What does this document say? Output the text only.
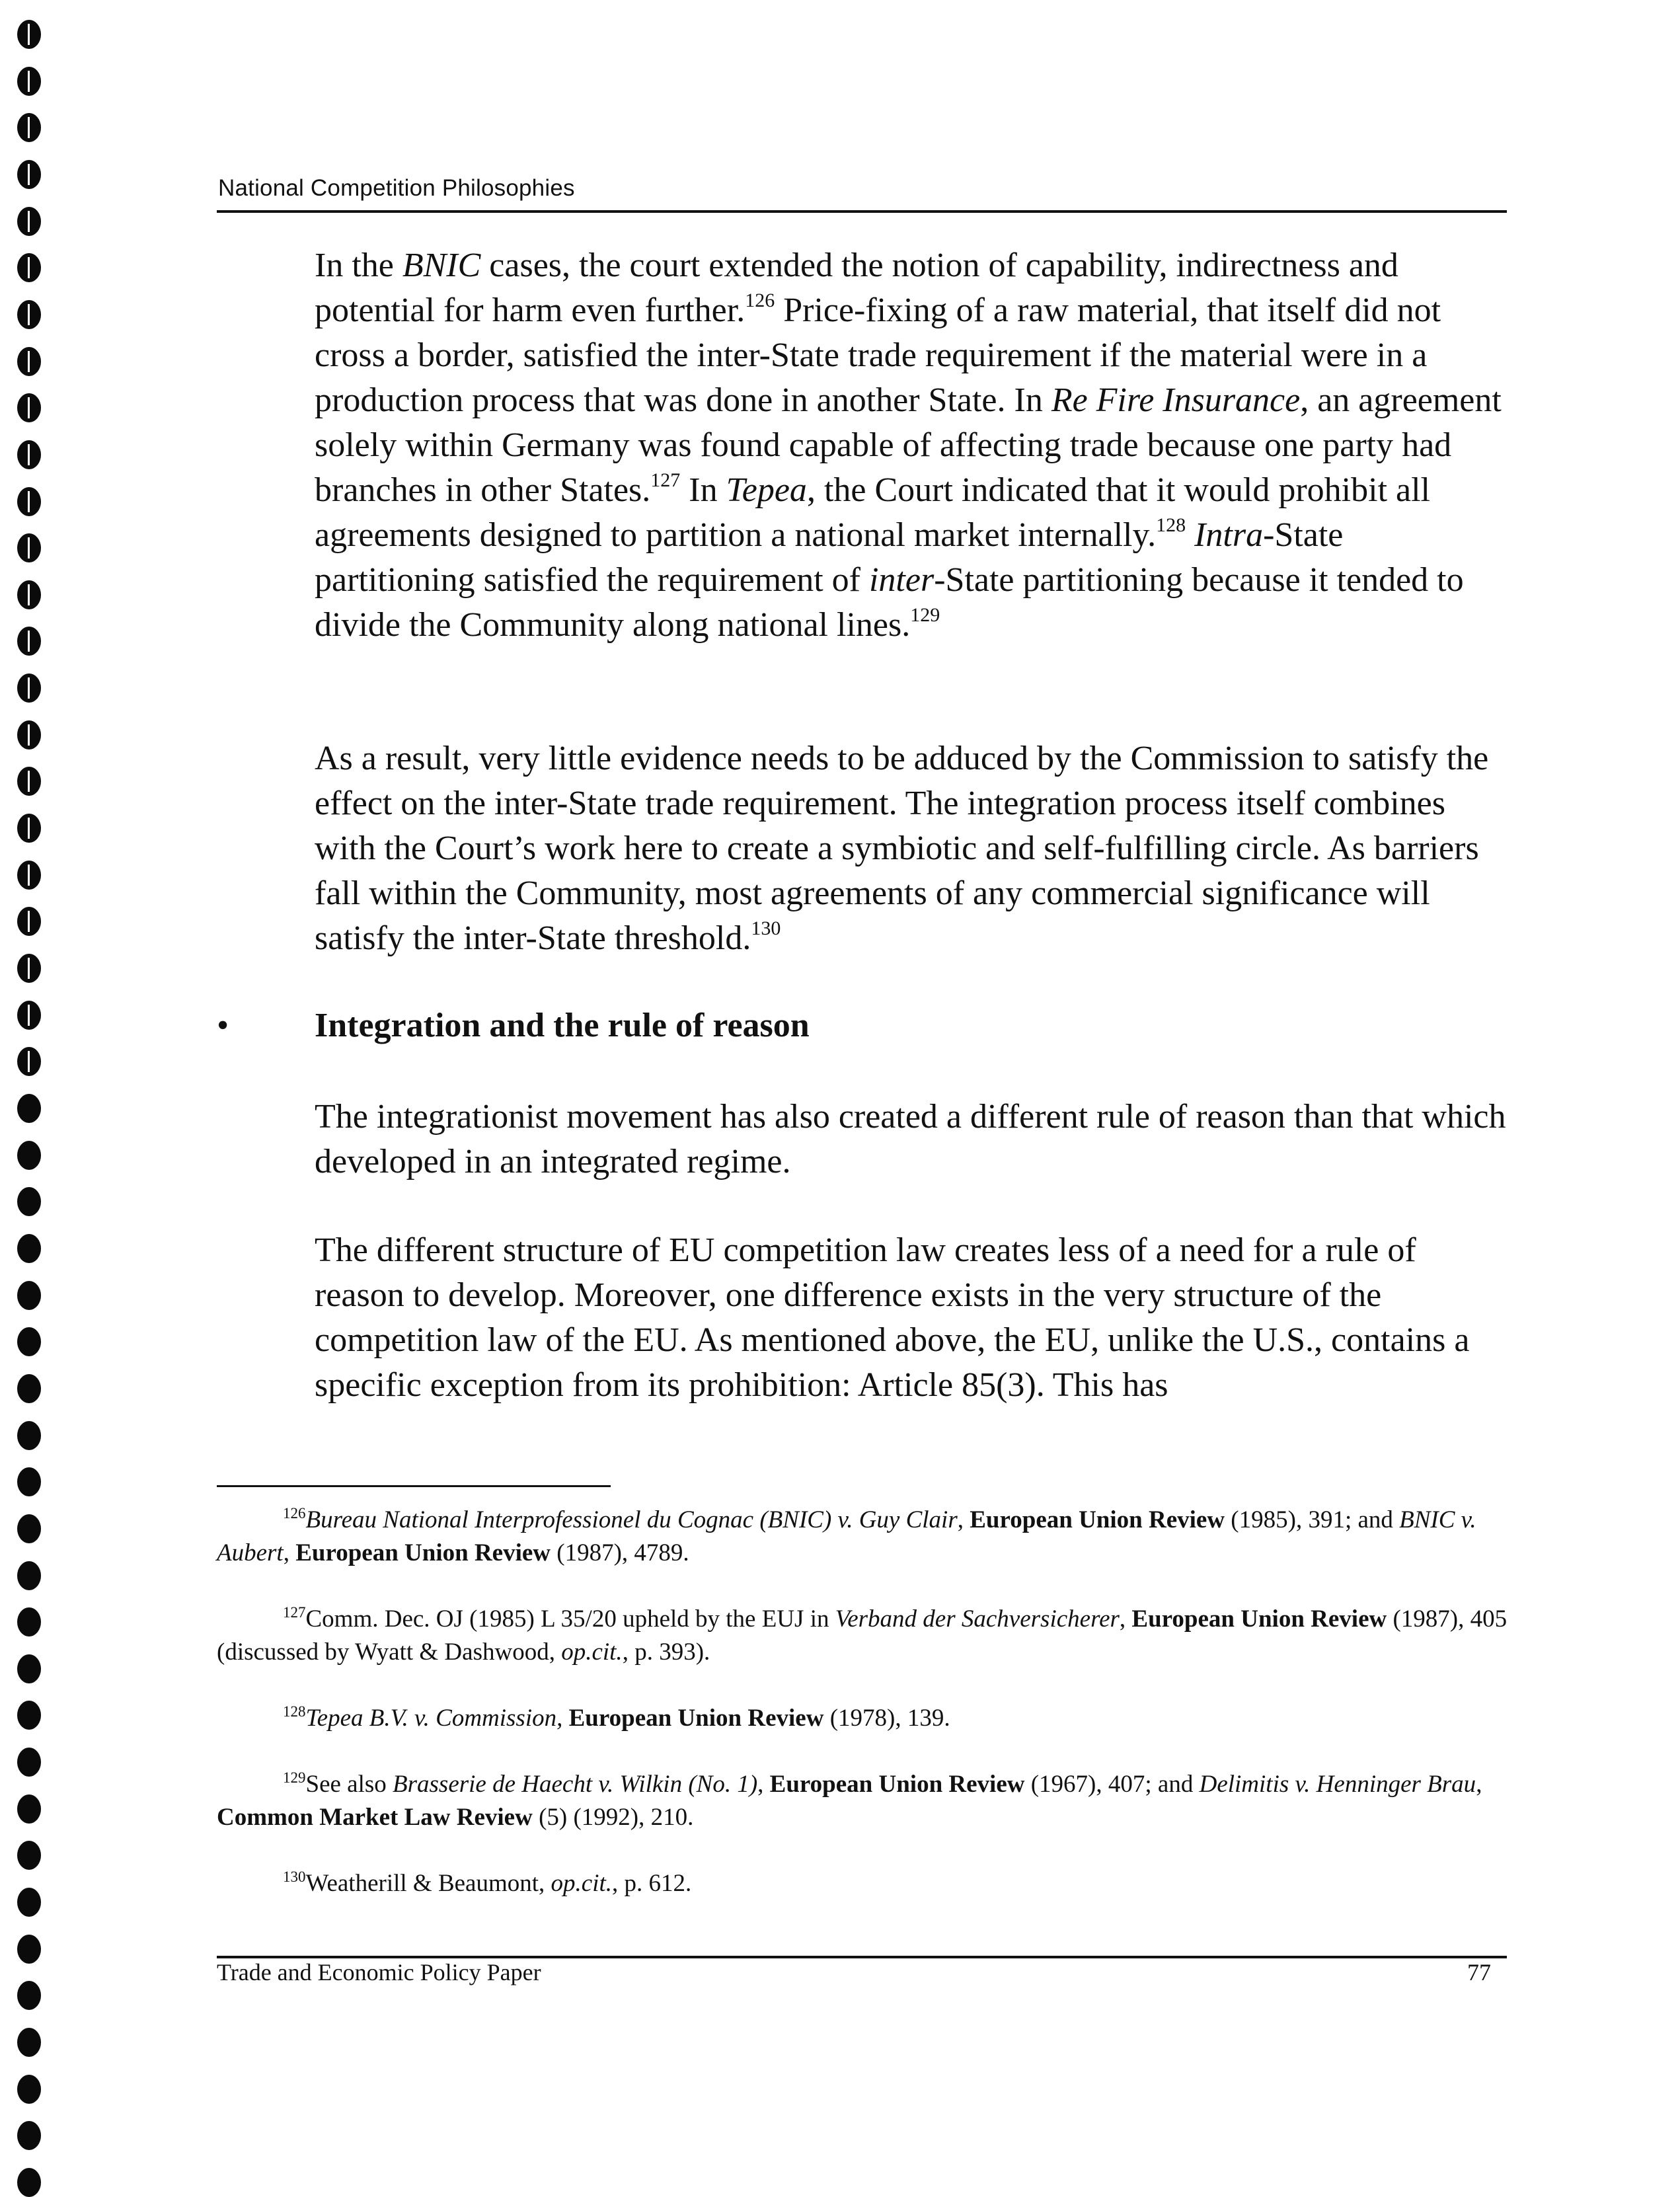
National Competition Philosophies

In the BNIC cases, the court extended the notion of capability, indirectness and potential for harm even further.$^{126}$ Price-fixing of a raw material, that itself did not cross a border, satisfied the inter-State trade requirement if the material were in a production process that was done in another State. In Re Fire Insurance, an agreement solely within Germany was found capable of affecting trade because one party had branches in other States.$^{127}$ In Tepea, the Court indicated that it would prohibit all agreements designed to partition a national market internally.$^{128}$ Intra-State partitioning satisfied the requirement of inter-State partitioning because it tended to divide the Community along national lines.$^{129}$

As a result, very little evidence needs to be adduced by the Commission to satisfy the effect on the inter-State trade requirement. The integration process itself combines with the Court’s work here to create a symbiotic and self-fulfilling circle. As barriers fall within the Community, most agreements of any commercial significance will satisfy the inter-State threshold.$^{130}$

• Integration and the rule of reason

The integrationist movement has also created a different rule of reason than that which developed in an integrated regime.

The different structure of EU competition law creates less of a need for a rule of reason to develop. Moreover, one difference exists in the very structure of the competition law of the EU. As mentioned above, the EU, unlike the U.S., contains a specific exception from its prohibition: Article 85(3). This has

$^{126}$Bureau National Interprofessionel du Cognac (BNIC) v. Guy Clair, European Union Review (1985), 391; and BNIC v. Aubert, European Union Review (1987), 4789.

$^{127}$Comm. Dec. OJ (1985) L 35/20 upheld by the EUJ in Verband der Sachversicherer, European Union Review (1987), 405 (discussed by Wyatt & Dashwood, op.cit., p. 393).

$^{128}$Tepea B.V. v. Commission, European Union Review (1978), 139.

$^{129}$See also Brasserie de Haecht v. Wilkin (No. 1), European Union Review (1967), 407; and Delimitis v. Henninger Brau, Common Market Law Review (5) (1992), 210.

$^{130}$Weatherill & Beaumont, op.cit., p. 612.

Trade and Economic Policy Paper	77
